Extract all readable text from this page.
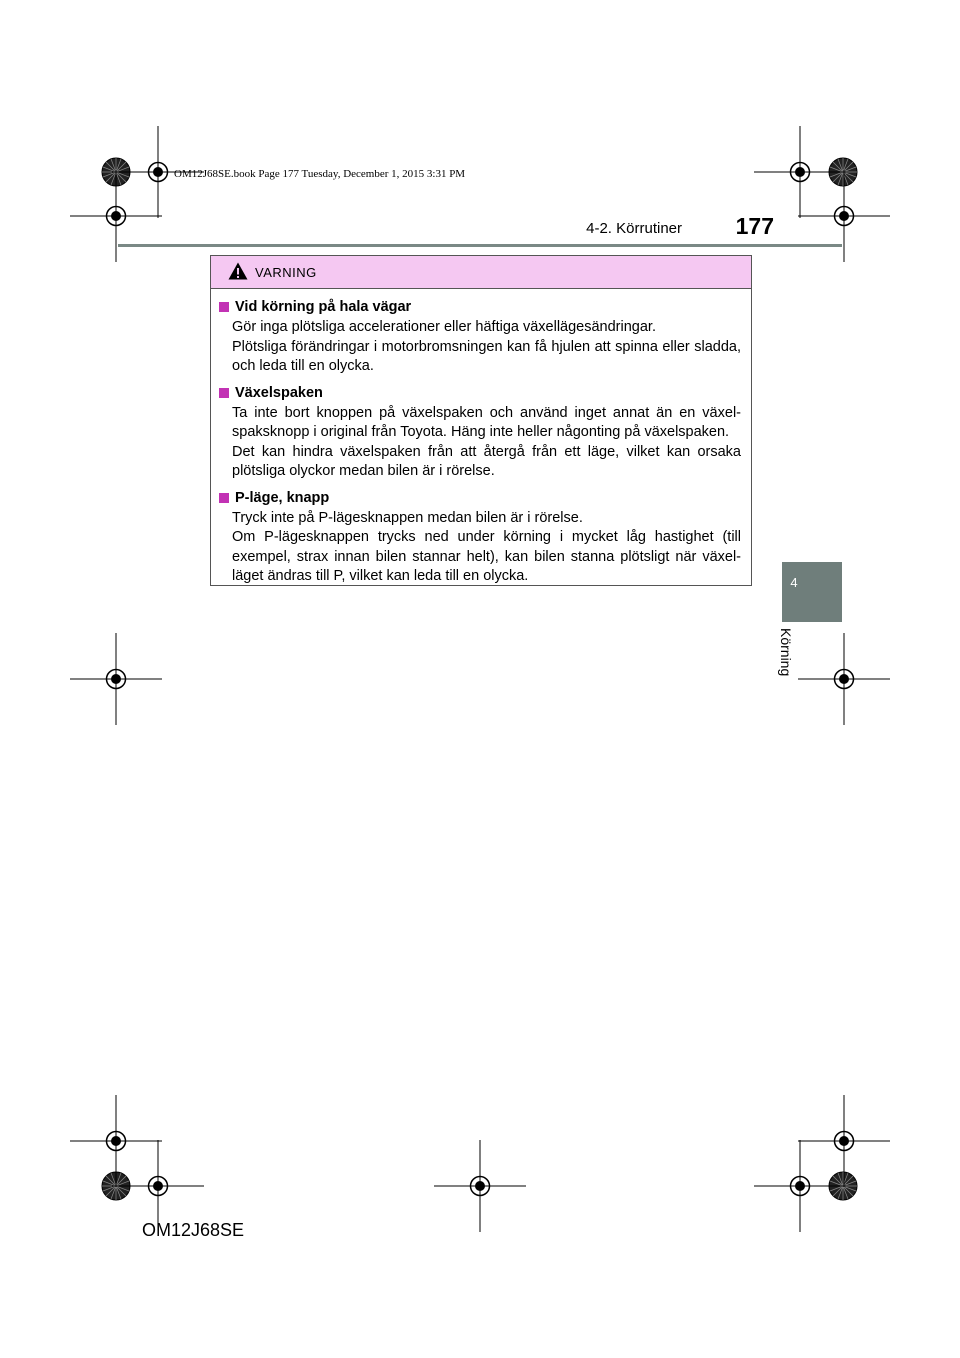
OM12J68SE.book Page 177 Tuesday, December 1, 2015 3:31 PM
4-2. Körrutiner	177
4
Körning
VARNING
Vid körning på hala vägar
Gör inga plötsliga accelerationer eller häftiga växellägesändringar.
Plötsliga förändringar i motorbromsningen kan få hjulen att spinna eller sladda, och leda till en olycka.
Växelspaken
Ta inte bort knoppen på växelspaken och använd inget annat än en växel-spaksknopp i original från Toyota. Häng inte heller någonting på växelspaken.
Det kan hindra växelspaken från att återgå från ett läge, vilket kan orsaka plötsliga olyckor medan bilen är i rörelse.
P-läge, knapp
Tryck inte på P-lägesknappen medan bilen är i rörelse.
Om P-lägesknappen trycks ned under körning i mycket låg hastighet (till exempel, strax innan bilen stannar helt), kan bilen stanna plötsligt när växel-läget ändras till P, vilket kan leda till en olycka.
OM12J68SE
